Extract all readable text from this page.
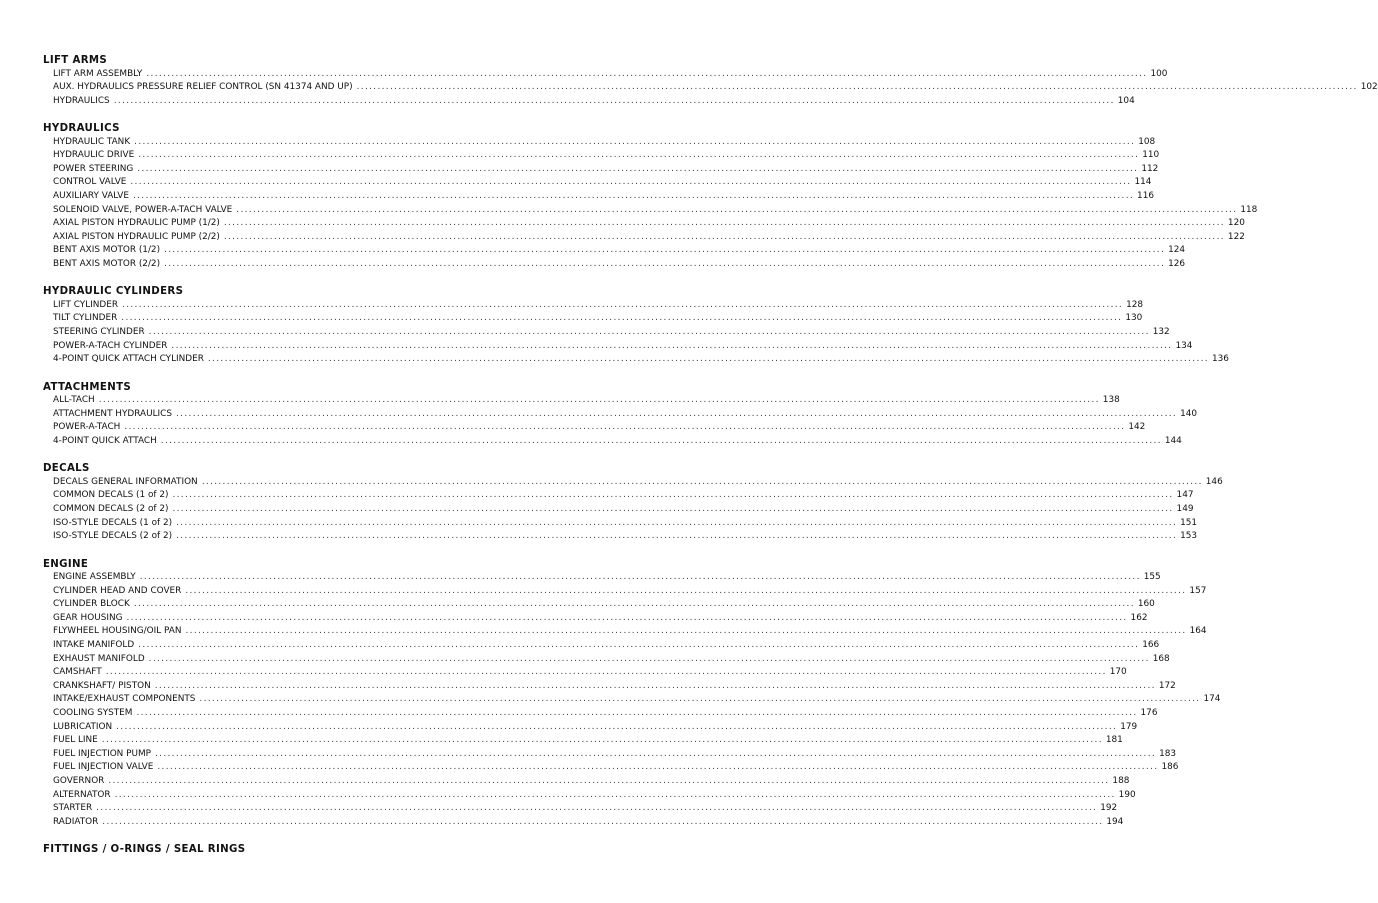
LIFT ARMS
LIFT ARM ASSEMBLY ................................................................................................................................................................................................................................................ 100
AUX. HYDRAULICS PRESSURE RELIEF CONTROL (SN 41374 AND UP) ................................................................................................................................................................................................................................................ 102
HYDRAULICS ................................................................................................................................................................................................................................................ 104
HYDRAULICS
HYDRAULIC TANK ................................................................................................................................................................................................................................................ 108
HYDRAULIC DRIVE ................................................................................................................................................................................................................................................ 110
POWER STEERING ................................................................................................................................................................................................................................................ 112
CONTROL VALVE ................................................................................................................................................................................................................................................ 114
AUXILIARY VALVE ................................................................................................................................................................................................................................................ 116
SOLENOID VALVE, POWER-A-TACH VALVE ................................................................................................................................................................................................................................................ 118
AXIAL PISTON HYDRAULIC PUMP (1/2) ................................................................................................................................................................................................................................................ 120
AXIAL PISTON HYDRAULIC PUMP (2/2) ................................................................................................................................................................................................................................................ 122
BENT AXIS MOTOR (1/2) ................................................................................................................................................................................................................................................ 124
BENT AXIS MOTOR (2/2) ................................................................................................................................................................................................................................................ 126
HYDRAULIC CYLINDERS
LIFT CYLINDER ................................................................................................................................................................................................................................................ 128
TILT CYLINDER ................................................................................................................................................................................................................................................ 130
STEERING CYLINDER ................................................................................................................................................................................................................................................ 132
POWER-A-TACH CYLINDER ................................................................................................................................................................................................................................................ 134
4-POINT QUICK ATTACH CYLINDER ................................................................................................................................................................................................................................................ 136
ATTACHMENTS
ALL-TACH ................................................................................................................................................................................................................................................ 138
ATTACHMENT HYDRAULICS ................................................................................................................................................................................................................................................ 140
POWER-A-TACH ................................................................................................................................................................................................................................................ 142
4-POINT QUICK ATTACH ................................................................................................................................................................................................................................................ 144
DECALS
DECALS GENERAL INFORMATION ................................................................................................................................................................................................................................................ 146
COMMON DECALS (1 of 2) ................................................................................................................................................................................................................................................ 147
COMMON DECALS (2 of 2) ................................................................................................................................................................................................................................................ 149
ISO-STYLE DECALS (1 of 2) ................................................................................................................................................................................................................................................ 151
ISO-STYLE DECALS (2 of 2) ................................................................................................................................................................................................................................................ 153
ENGINE
ENGINE ASSEMBLY ................................................................................................................................................................................................................................................ 155
CYLINDER HEAD AND COVER ................................................................................................................................................................................................................................................ 157
CYLINDER BLOCK ................................................................................................................................................................................................................................................ 160
GEAR HOUSING ................................................................................................................................................................................................................................................ 162
FLYWHEEL HOUSING/OIL PAN ................................................................................................................................................................................................................................................ 164
INTAKE MANIFOLD ................................................................................................................................................................................................................................................ 166
EXHAUST MANIFOLD ................................................................................................................................................................................................................................................ 168
CAMSHAFT ................................................................................................................................................................................................................................................ 170
CRANKSHAFT/ PISTON ................................................................................................................................................................................................................................................ 172
INTAKE/EXHAUST COMPONENTS ................................................................................................................................................................................................................................................ 174
COOLING SYSTEM ................................................................................................................................................................................................................................................ 176
LUBRICATION ................................................................................................................................................................................................................................................ 179
FUEL LINE ................................................................................................................................................................................................................................................ 181
FUEL INJECTION PUMP ................................................................................................................................................................................................................................................ 183
FUEL INJECTION VALVE ................................................................................................................................................................................................................................................ 186
GOVERNOR ................................................................................................................................................................................................................................................ 188
ALTERNATOR ................................................................................................................................................................................................................................................ 190
STARTER ................................................................................................................................................................................................................................................ 192
RADIATOR ................................................................................................................................................................................................................................................ 194
FITTINGS / O-RINGS / SEAL RINGS
